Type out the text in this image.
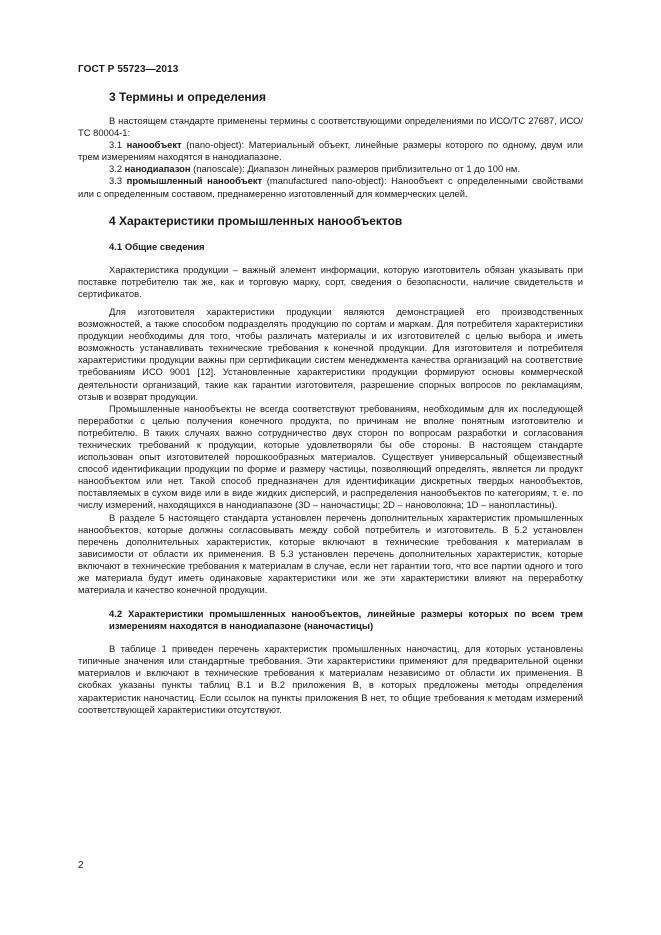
ГОСТ Р 55723—2013
3 Термины и определения

В настоящем стандарте применены термины с соответствующими определениями по ИСО/ТС 27687, ИСО/ТС 80004-1:

3.1 нанообъект (nano-object): Материальный объект, линейные размеры которого по одному, двум или трем измерениям находятся в нанодиапазоне.

3.2 нанодиапазон (nanoscale): Диапазон линейных размеров приблизительно от 1 до 100 нм.

3.3 промышленный нанообъект (manufactured nano-object): Нанообъект с определенными свойствами или с определенным составом, преднамеренно изготовленный для коммерческих целей.

4 Характеристики промышленных нанообъектов
4.1 Общие сведения

Характеристика продукции – важный элемент информации, которую изготовитель обязан указывать при поставке потребителю так же, как и торговую марку, сорт, сведения о безопасности, наличие свидетельств и сертификатов.

Для изготовителя характеристики продукции являются демонстрацией его производственных возможностей, а также способом подразделять продукцию по сортам и маркам. Для потребителя характеристики продукции необходимы для того, чтобы различать материалы и их изготовителей с целью выбора и иметь возможность устанавливать технические требования к конечной продукции. Для изготовителя и потребителя характеристики продукции важны при сертификации систем менеджмента качества организаций на соответствие требованиям ИСО 9001 [12]. Установленные характеристики продукции формируют основы коммерческой деятельности организаций, такие как гарантии изготовителя, разрешение спорных вопросов по рекламациям, отзыв и возврат продукции.

Промышленные нанообъекты не всегда соответствуют требованиям, необходимым для их последующей переработки с целью получения конечного продукта, по причинам не вполне понятным изготовителю и потребителю. В таких случаях важно сотрудничество двух сторон по вопросам разработки и согласования технических требований к продукции, которые удовлетворяли бы обе стороны. В настоящем стандарте использован опыт изготовителей порошкообразных материалов. Существует универсальный общеизвестный способ идентификации продукции по форме и размеру частицы, позволяющий определять, является ли продукт нанообъектом или нет. Такой способ предназначен для идентификации дискретных твердых нанообъектов, поставляемых в сухом виде или в виде жидких дисперсий, и распределения нанообъектов по категориям, т. е. по числу измерений, находящихся в нанодиапазоне (3D – наночастицы; 2D – нановолокна; 1D – нанопластины).

В разделе 5 настоящего стандарта установлен перечень дополнительных характеристик промышленных нанообъектов, которые должны согласовывать между собой потребитель и изготовитель. В 5.2 установлен перечень дополнительных характеристик, которые включают в технические требования к материалам в зависимости от области их применения. В 5.3 установлен перечень дополнительных характеристик, которые включают в технические требования к материалам в случае, если нет гарантии того, что все партии одного и того же материала будут иметь одинаковые характеристики или же эти характеристики влияют на переработку материала и качество конечной продукции.

4.2 Характеристики промышленных нанообъектов, линейные размеры которых по всем трем измерениям находятся в нанодиапазоне (наночастицы)

В таблице 1 приведен перечень характеристик промышленных наночастиц, для которых установлены типичные значения или стандартные требования. Эти характеристики применяют для предварительной оценки материалов и включают в технические требования к материалам независимо от области их применения. В скобках указаны пункты таблиц В.1 и В.2 приложения В, в которых предложены методы определения характеристик наночастиц. Если ссылок на пункты приложения В нет, то общие требования к методам измерений соответствующей характеристики отсутствуют.

2
